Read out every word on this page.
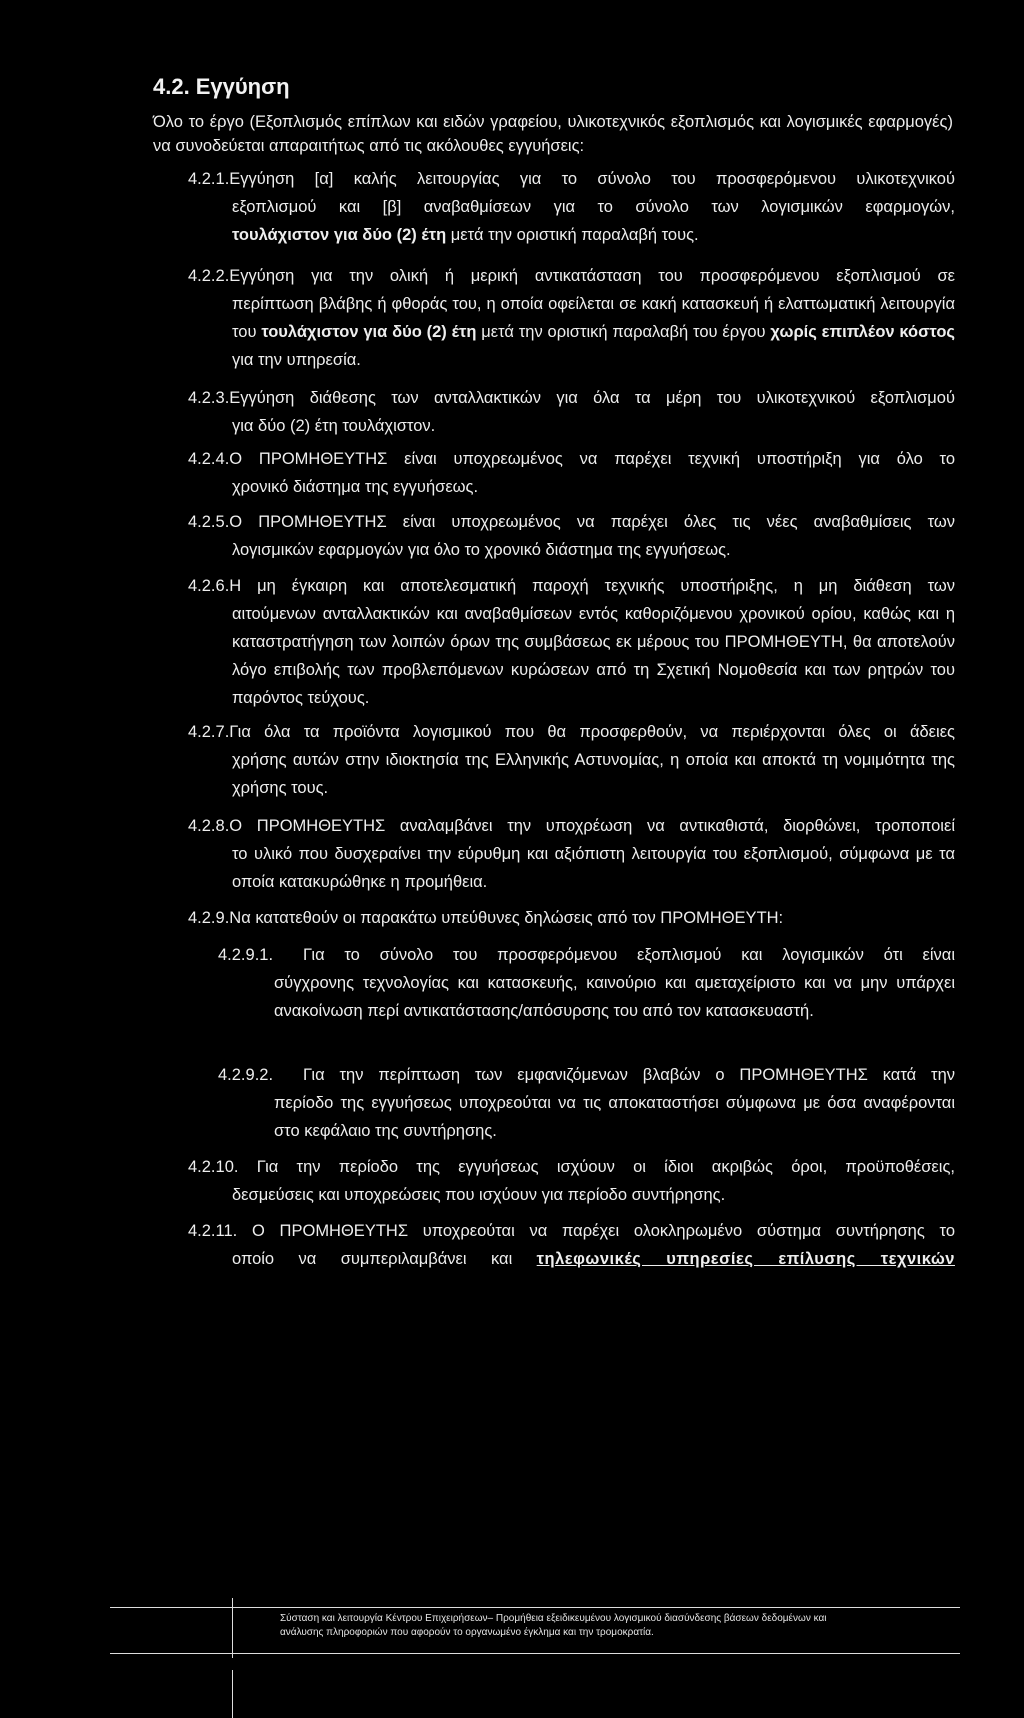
4.2. Εγγύηση
Όλο το έργο (Εξοπλισμός επίπλων και ειδών γραφείου, υλικοτεχνικός εξοπλισμός και λογισμικές εφαρμογές) να συνοδεύεται απαραιτήτως από τις ακόλουθες εγγυήσεις:
4.2.1.Εγγύηση [α] καλής λειτουργίας για το σύνολο του προσφερόμενου υλικοτεχνικού
εξοπλισμού και [β] αναβαθμίσεων για το σύνολο των λογισμικών εφαρμογών,
τουλάχιστον για δύο (2) έτη μετά την οριστική παραλαβή τους.
4.2.2.Εγγύηση για την ολική ή μερική αντικατάσταση του προσφερόμενου εξοπλισμού σε
περίπτωση βλάβης ή φθοράς του, η οποία οφείλεται σε κακή κατασκευή ή ελαττωματική λειτουργία του τουλάχιστον για δύο (2) έτη μετά την οριστική παραλαβή του έργου χωρίς επιπλέον κόστος για την υπηρεσία.
4.2.3.Εγγύηση διάθεσης των ανταλλακτικών για όλα τα μέρη του υλικοτεχνικού εξοπλισμού
για δύο (2) έτη τουλάχιστον.
4.2.4.Ο ΠΡΟΜΗΘΕΥΤΗΣ είναι υποχρεωμένος να παρέχει τεχνική υποστήριξη για όλο το
χρονικό διάστημα της εγγυήσεως.
4.2.5.Ο ΠΡΟΜΗΘΕΥΤΗΣ είναι υποχρεωμένος να παρέχει όλες τις νέες αναβαθμίσεις των
λογισμικών εφαρμογών για όλο το χρονικό διάστημα της εγγυήσεως.
4.2.6.Η μη έγκαιρη και αποτελεσματική παροχή τεχνικής υποστήριξης, η μη διάθεση των
αιτούμενων ανταλλακτικών και αναβαθμίσεων εντός καθοριζόμενου χρονικού ορίου, καθώς και η καταστρατήγηση των λοιπών όρων της συμβάσεως εκ μέρους του ΠΡΟΜΗΘΕΥΤΗ, θα αποτελούν λόγο επιβολής των προβλεπόμενων κυρώσεων από τη Σχετική Νομοθεσία και των ρητρών του παρόντος τεύχους.
4.2.7.Για όλα τα προϊόντα λογισμικού που θα προσφερθούν, να περιέρχονται όλες οι άδειες
χρήσης αυτών στην ιδιοκτησία της Ελληνικής Αστυνομίας, η οποία και αποκτά τη νομιμότητα της χρήσης τους.
4.2.8.Ο ΠΡΟΜΗΘΕΥΤΗΣ αναλαμβάνει την υποχρέωση να αντικαθιστά, διορθώνει, τροποποιεί
το υλικό που δυσχεραίνει την εύρυθμη και αξιόπιστη λειτουργία του εξοπλισμού, σύμφωνα με τα οποία κατακυρώθηκε η προμήθεια.
4.2.9.Να κατατεθούν οι παρακάτω υπεύθυνες δηλώσεις από τον ΠΡΟΜΗΘΕΥΤΗ:
4.2.9.1. Για το σύνολο του προσφερόμενου εξοπλισμού και λογισμικών ότι είναι
σύγχρονης τεχνολογίας και κατασκευής, καινούριο και αμεταχείριστο και να μην υπάρχει ανακοίνωση περί αντικατάστασης/απόσυρσης του από τον κατασκευαστή.
4.2.9.2. Για την περίπτωση των εμφανιζόμενων βλαβών ο ΠΡΟΜΗΘΕΥΤΗΣ κατά την
περίοδο της εγγυήσεως υποχρεούται να τις αποκαταστήσει σύμφωνα με όσα αναφέρονται στο κεφάλαιο της συντήρησης.
4.2.10. Για την περίοδο της εγγυήσεως ισχύουν οι ίδιοι ακριβώς όροι, προϋποθέσεις,
δεσμεύσεις και υποχρεώσεις που ισχύουν για περίοδο συντήρησης.
4.2.11. Ο ΠΡΟΜΗΘΕΥΤΗΣ υποχρεούται να παρέχει ολοκληρωμένο σύστημα συντήρησης το
οποίο να συμπεριλαμβάνει και τηλεφωνικές υπηρεσίες επίλυσης τεχνικών
Σύσταση και λειτουργία Κέντρου Επιχειρήσεων– Προμήθεια εξειδικευμένου λογισμικού διασύνδεσης βάσεων δεδομένων και ανάλυσης πληροφοριών που αφορούν το οργανωμένο έγκλημα και την τρομοκρατία.
